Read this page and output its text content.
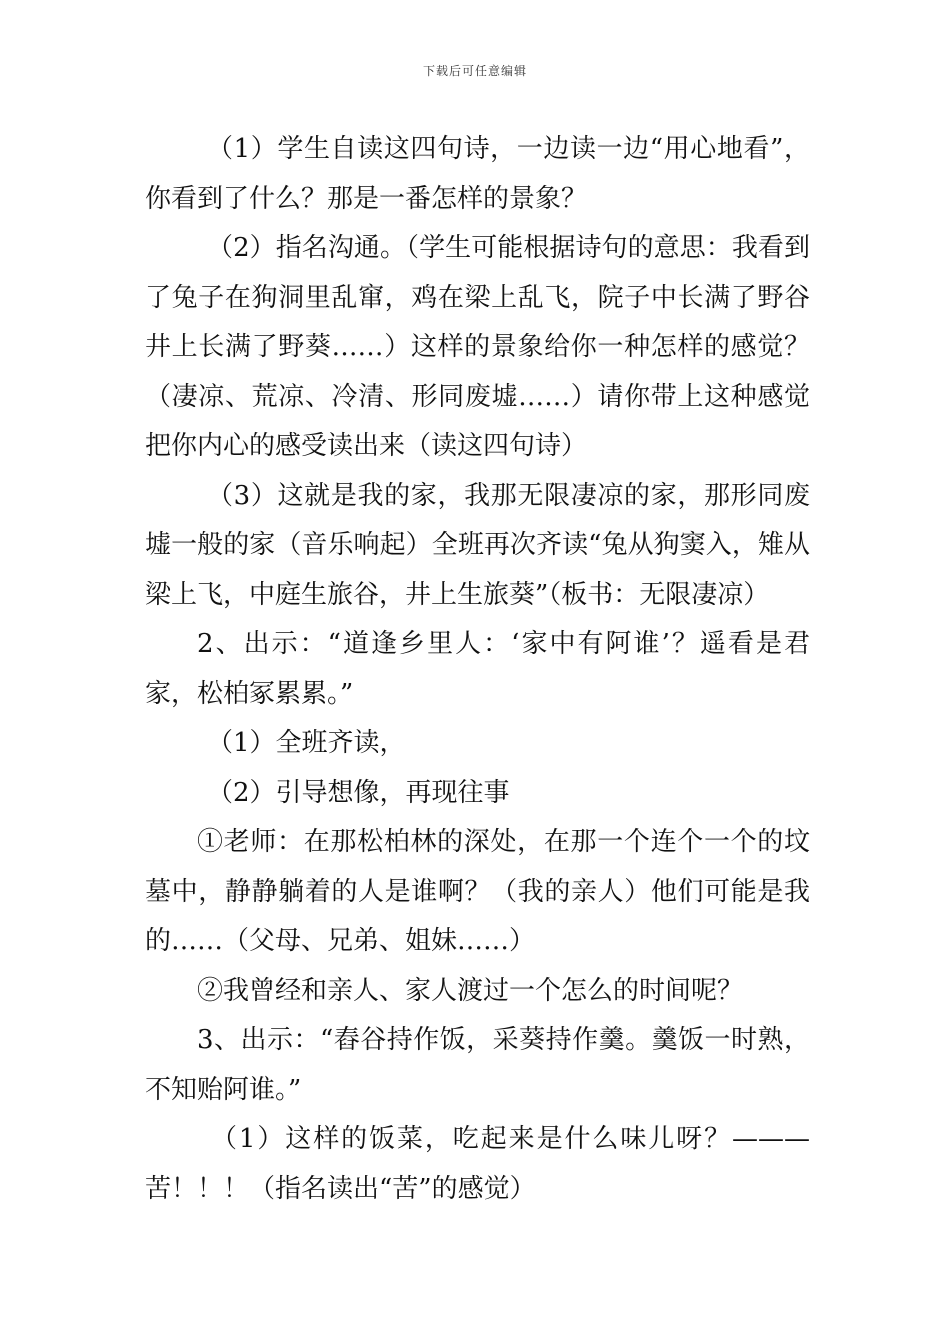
下载后可任意编辑

（1）学生自读这四句诗，一边读一边“用心地看”，你看到了什么？那是一番怎样的景象？

（2）指名沟通。（学生可能根据诗句的意思：我看到了兔子在狗洞里乱窜，鸡在梁上乱飞，院子中长满了野谷井上长满了野葵……）这样的景象给你一种怎样的感觉？（凄凉、荒凉、冷清、形同废墟……）请你带上这种感觉把你内心的感受读出来（读这四句诗）

（3）这就是我的家，我那无限凄凉的家，那形同废墟一般的家（音乐响起）全班再次齐读“兔从狗窦入，雉从梁上飞，中庭生旅谷，井上生旅葵”（板书：无限凄凉）

2、出示：“道逢乡里人：‘家中有阿谁’？遥看是君家，松柏冢累累。”

（1）全班齐读，

（2）引导想像，再现往事

①老师：在那松柏林的深处，在那一个连个一个的坟墓中，静静躺着的人是谁啊？（我的亲人）他们可能是我的……（父母、兄弟、姐妹……）

②我曾经和亲人、家人渡过一个怎么的时间呢？

3、出示：“舂谷持作饭，采葵持作羹。羹饭一时熟，不知贻阿谁。”

（1）这样的饭菜，吃起来是什么味儿呀？———苦！！！（指名读出“苦”的感觉）
